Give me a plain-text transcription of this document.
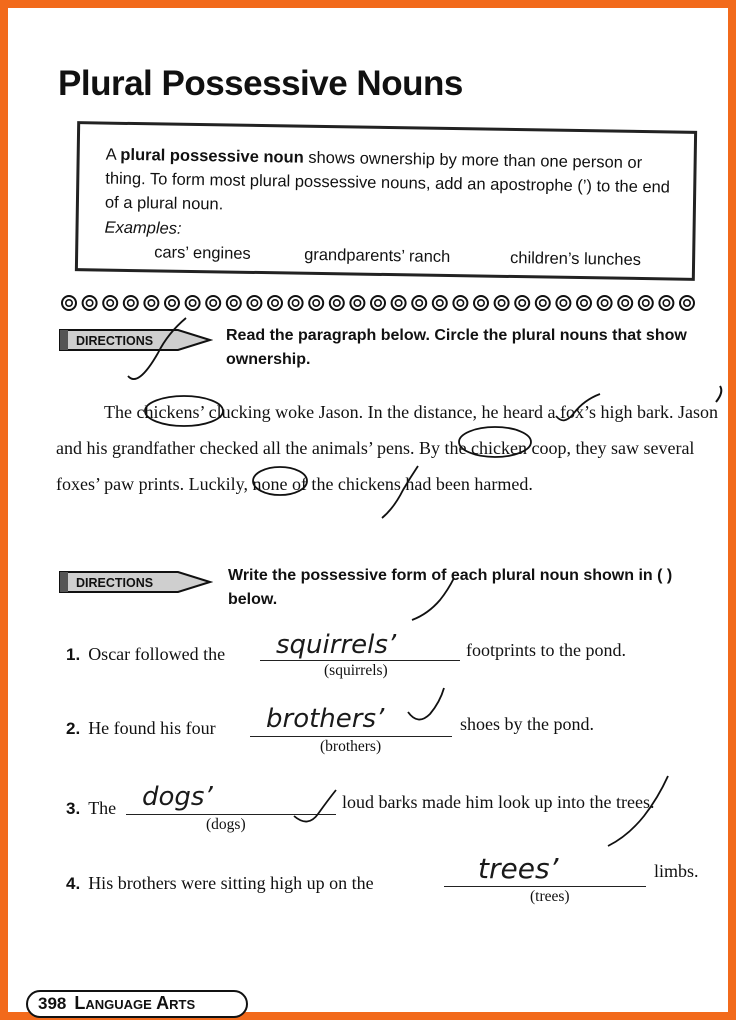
Plural Possessive Nouns
A plural possessive noun shows ownership by more than one person or thing. To form most plural possessive nouns, add an apostrophe (’) to the end of a plural noun.
Examples:
cars’ engines	grandparents’ ranch	children’s lunches
DIRECTIONS	Read the paragraph below. Circle the plural nouns that show ownership.
The chickens’ clucking woke Jason. In the distance, he heard a fox’s high bark. Jason and his grandfather checked all the animals’ pens. By the chicken coop, they saw several foxes’ paw prints. Luckily, none of the chickens had been harmed.
DIRECTIONS	Write the possessive form of each plural noun shown in ( ) below.
1. Oscar followed the squirrels’
(squirrels)
footprints to the pond.
2. He found his four brothers’
(brothers)
shoes by the pond.
3. The dogs’
(dogs)
loud barks made him look up into the trees.
4. His brothers were sitting high up on the	trees’
(trees)
limbs.
398 Language Arts
